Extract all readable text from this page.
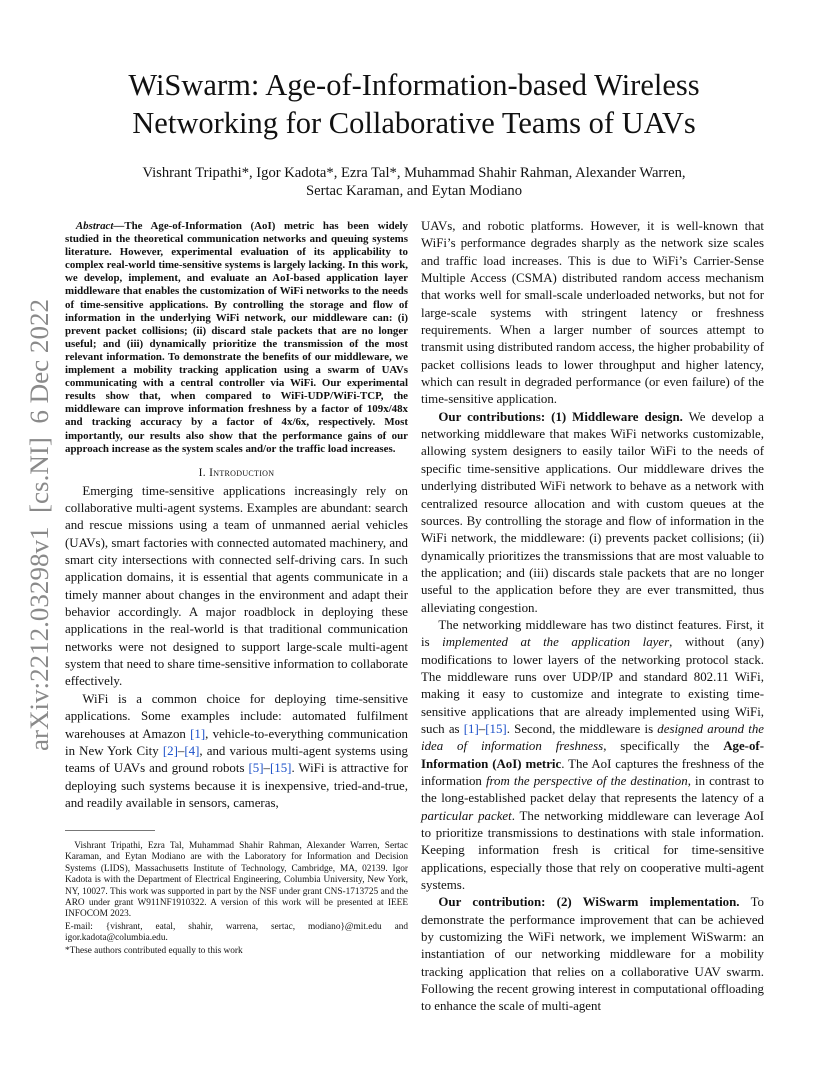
arXiv:2212.03298v1  [cs.NI]  6 Dec 2022
WiSwarm: Age-of-Information-based Wireless
Networking for Collaborative Teams of UAVs
Vishrant Tripathi*, Igor Kadota*, Ezra Tal*, Muhammad Shahir Rahman, Alexander Warren,
Sertac Karaman, and Eytan Modiano

Abstract—The Age-of-Information (AoI) metric has been widely studied in the theoretical communication networks and queuing systems literature. However, experimental evaluation of its applicability to complex real-world time-sensitive systems is largely lacking. In this work, we develop, implement, and evaluate an AoI-based application layer middleware that enables the customization of WiFi networks to the needs of time-sensitive applications. By controlling the storage and flow of information in the underlying WiFi network, our middleware can: (i) prevent packet collisions; (ii) discard stale packets that are no longer useful; and (iii) dynamically prioritize the transmission of the most relevant information. To demonstrate the benefits of our middleware, we implement a mobility tracking application using a swarm of UAVs communicating with a central controller via WiFi. Our experimental results show that, when compared to WiFi-UDP/WiFi-TCP, the middleware can improve information freshness by a factor of 109x/48x and tracking accuracy by a factor of 4x/6x, respectively. Most importantly, our results also show that the performance gains of our approach increase as the system scales and/or the traffic load increases.

I. Introduction

Emerging time-sensitive applications increasingly rely on collaborative multi-agent systems. Examples are abundant: search and rescue missions using a team of unmanned aerial vehicles (UAVs), smart factories with connected automated machinery, and smart city intersections with connected self-driving cars. In such application domains, it is essential that agents communicate in a timely manner about changes in the environment and adapt their behavior accordingly. A major roadblock in deploying these applications in the real-world is that traditional communication networks were not designed to support large-scale multi-agent system that need to share time-sensitive information to collaborate effectively.

WiFi is a common choice for deploying time-sensitive applications. Some examples include: automated fulfilment warehouses at Amazon [1], vehicle-to-everything communication in New York City [2]–[4], and various multi-agent systems using teams of UAVs and ground robots [5]–[15]. WiFi is attractive for deploying such systems because it is inexpensive, tried-and-true, and readily available in sensors, cameras,

Vishrant Tripathi, Ezra Tal, Muhammad Shahir Rahman, Alexander Warren, Sertac Karaman, and Eytan Modiano are with the Laboratory for Information and Decision Systems (LIDS), Massachusetts Institute of Technology, Cambridge, MA, 02139. Igor Kadota is with the Department of Electrical Engineering, Columbia University, New York, NY, 10027. This work was supported in part by the NSF under grant CNS-1713725 and the ARO under grant W911NF1910322. A version of this work will be presented at IEEE INFOCOM 2023.

E-mail: {vishrant, eatal, shahir, warrena, sertac, modiano}@mit.edu and igor.kadota@columbia.edu.

*These authors contributed equally to this work

UAVs, and robotic platforms. However, it is well-known that WiFi’s performance degrades sharply as the network size scales and traffic load increases. This is due to WiFi’s Carrier-Sense Multiple Access (CSMA) distributed random access mechanism that works well for small-scale underloaded networks, but not for large-scale systems with stringent latency or freshness requirements. When a larger number of sources attempt to transmit using distributed random access, the higher probability of packet collisions leads to lower throughput and higher latency, which can result in degraded performance (or even failure) of the time-sensitive application.

Our contributions: (1) Middleware design. We develop a networking middleware that makes WiFi networks customizable, allowing system designers to easily tailor WiFi to the needs of specific time-sensitive applications. Our middleware drives the underlying distributed WiFi network to behave as a network with centralized resource allocation and with custom queues at the sources. By controlling the storage and flow of information in the WiFi network, the middleware: (i) prevents packet collisions; (ii) dynamically prioritizes the transmissions that are most valuable to the application; and (iii) discards stale packets that are no longer useful to the application before they are ever transmitted, thus alleviating congestion.

The networking middleware has two distinct features. First, it is implemented at the application layer, without (any) modifications to lower layers of the networking protocol stack. The middleware runs over UDP/IP and standard 802.11 WiFi, making it easy to customize and integrate to existing time-sensitive applications that are already implemented using WiFi, such as [1]–[15]. Second, the middleware is designed around the idea of information freshness, specifically the Age-of-Information (AoI) metric. The AoI captures the freshness of the information from the perspective of the destination, in contrast to the long-established packet delay that represents the latency of a particular packet. The networking middleware can leverage AoI to prioritize transmissions to destinations with stale information. Keeping information fresh is critical for time-sensitive applications, especially those that rely on cooperative multi-agent systems.

Our contribution: (2) WiSwarm implementation. To demonstrate the performance improvement that can be achieved by customizing the WiFi network, we implement WiSwarm: an instantiation of our networking middleware for a mobility tracking application that relies on a collaborative UAV swarm. Following the recent growing interest in computational offloading to enhance the scale of multi-agent
